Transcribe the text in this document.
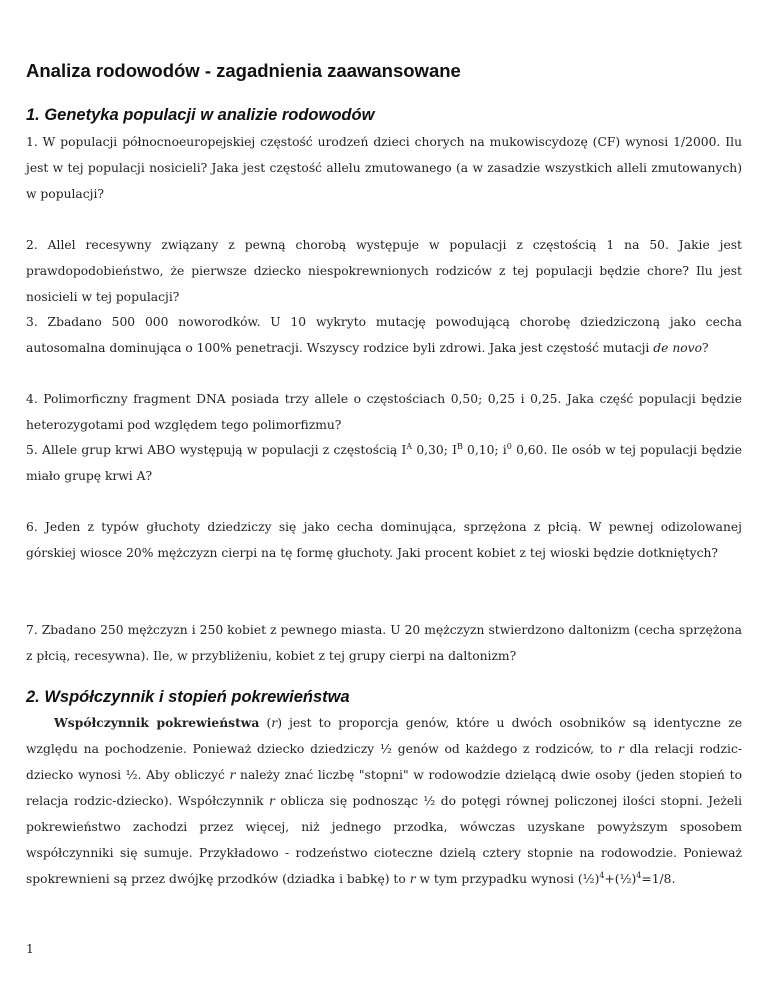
Analiza rodowodów - zagadnienia zaawansowane
1. Genetyka populacji w analizie rodowodów

1. W populacji północnoeuropejskiej częstość urodzeń dzieci chorych na mukowiscydozę (CF) wynosi 1/2000. Ilu jest w tej populacji nosicieli? Jaka jest częstość allelu zmutowanego (a w zasadzie wszystkich alleli zmutowanych) w populacji?

2. Allel recesywny związany z pewną chorobą występuje w populacji z częstością 1 na 50. Jakie jest prawdopodobieństwo, że pierwsze dziecko niespokrewnionych rodziców z tej populacji będzie chore? Ilu jest nosicieli w tej populacji?

3. Zbadano 500 000 noworodków. U 10 wykryto mutację powodującą chorobę dziedziczoną jako cecha autosomalna dominująca o 100% penetracji. Wszyscy rodzice byli zdrowi. Jaka jest częstość mutacji de novo?

4. Polimorficzny fragment DNA posiada trzy allele o częstościach 0,50; 0,25 i 0,25. Jaka część populacji będzie heterozygotami pod względem tego polimorfizmu?

5. Allele grup krwi ABO występują w populacji z częstością $I^A$ 0,30; $I^B$ 0,10; $i^0$ 0,60. Ile osób w tej populacji będzie miało grupę krwi A?

6. Jeden z typów głuchoty dziedziczy się jako cecha dominująca, sprzężona z płcią. W pewnej odizolowanej górskiej wiosce 20% mężczyzn cierpi na tę formę głuchoty. Jaki procent kobiet z tej wioski będzie dotkniętych?

7. Zbadano 250 mężczyzn i 250 kobiet z pewnego miasta. U 20 mężczyzn stwierdzono daltonizm (cecha sprzężona z płcią, recesywna). Ile, w przybliżeniu, kobiet z tej grupy cierpi na daltonizm?

2. Współczynnik i stopień pokrewieństwa

Współczynnik pokrewieństwa (r) jest to proporcja genów, które u dwóch osobników są identyczne ze względu na pochodzenie. Ponieważ dziecko dziedziczy ½ genów od każdego z rodziców, to r dla relacji rodzic-dziecko wynosi ½. Aby obliczyć r należy znać liczbę "stopni" w rodowodzie dzielącą dwie osoby (jeden stopień to relacja rodzic-dziecko). Współczynnik r oblicza się podnosząc ½ do potęgi równej policzonej ilości stopni. Jeżeli pokrewieństwo zachodzi przez więcej, niż jednego przodka, wówczas uzyskane powyższym sposobem współczynniki się sumuje. Przykładowo - rodzeństwo cioteczne dzielą cztery stopnie na rodowodzie. Ponieważ spokrewnieni są przez dwójkę przodków (dziadka i babkę) to r w tym przypadku wynosi (½)$^4$+(½)$^4$=1/8.

1
